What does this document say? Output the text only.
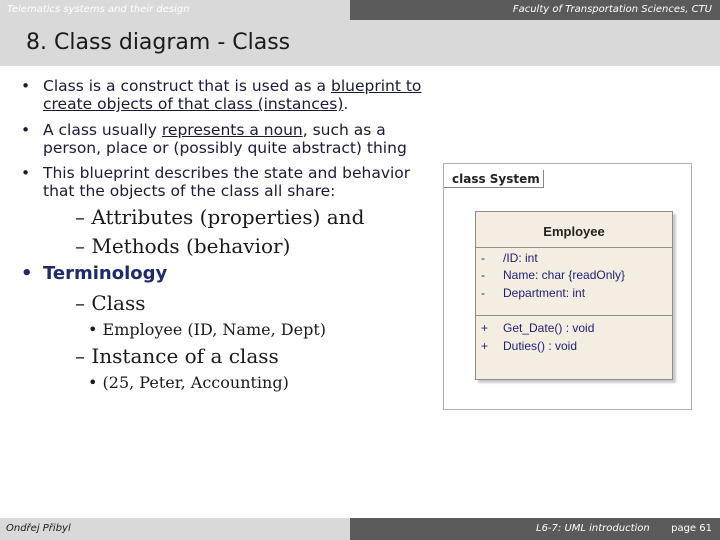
Telematics systems and their design	Faculty of Transportation Sciences, CTU
8. Class diagram - Class
• Class is a construct that is used as a blueprint to
create objects of that class (instances).
• A class usually represents a noun, such as a
person, place or (possibly quite abstract) thing
• This blueprint describes the state and behavior
that the objects of the class all share:
– Attributes (properties) and
– Methods (behavior)
• Terminology
– Class
• Employee (ID, Name, Dept)
– Instance of a class
• (25, Peter, Accounting)
class System
Employee
- /ID: int
- Name: char {readOnly}
- Department: int
+ Get_Date() : void
+ Duties() : void
Ondřej Přibyl	L6-7: UML introduction page 61
